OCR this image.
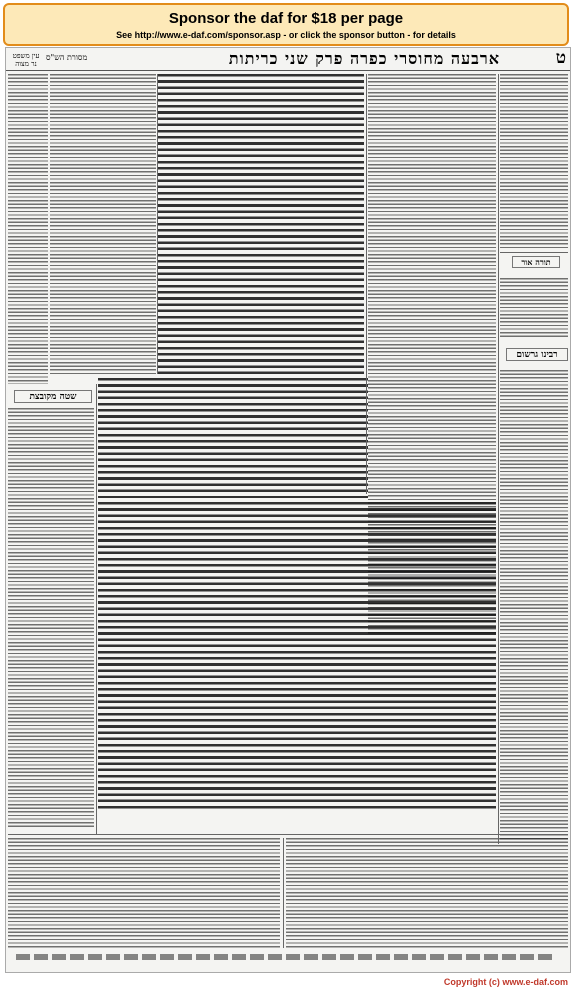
Sponsor the daf for $18 per page
See http://www.e-daf.com/sponsor.asp - or click the sponsor button - for details
ט
ארבעה מחוסרי כפרה פרק שני כריתות
מסורת הש"ס
עין משפט נר מצוה
שטה מקובצת
תורה אור
רבינו גרשום
Copyright (c) www.e-daf.com
